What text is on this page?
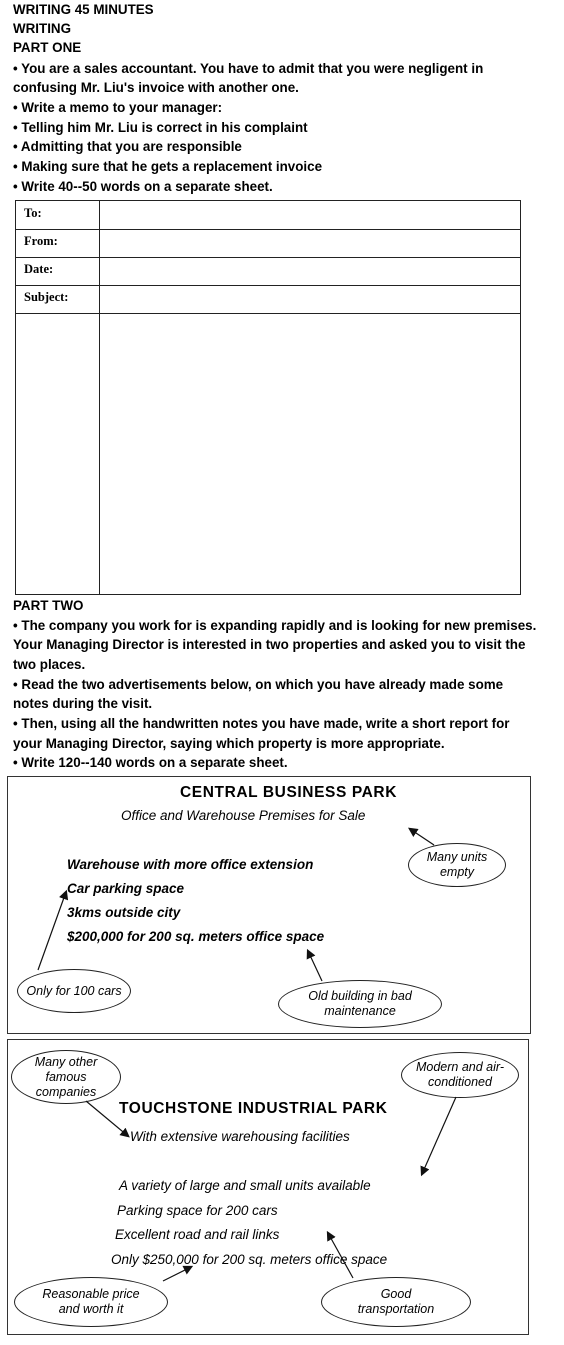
WRITING 45 MINUTES
WRITING
PART ONE
• You are a sales accountant. You have to admit that you were negligent in
confusing Mr. Liu's invoice with another one.
• Write a memo to your manager:
• Telling him Mr. Liu is correct in his complaint
• Admitting that you are responsible
• Making sure that he gets a replacement invoice
• Write 40--50 words on a separate sheet.
To:
From:
Date:
Subject:
PART TWO
• The company you work for is expanding rapidly and is looking for new premises.
Your Managing Director is interested in two properties and asked you to visit the
two places.
• Read the two advertisements below, on which you have already made some
notes during the visit.
• Then, using all the handwritten notes you have made, write a short report for
your Managing Director, saying which property is more appropriate.
• Write 120--140 words on a separate sheet.
CENTRAL BUSINESS PARK
Office and Warehouse Premises for Sale
Warehouse with more office extension
Car parking space
3kms outside city
$200,000 for 200 sq. meters office space
Many units empty
Only for 100 cars	Old building in bad maintenance
TOUCHSTONE INDUSTRIAL PARK
With extensive warehousing facilities
A variety of large and small units available
Parking space for 200 cars
Excellent road and rail links
Only $250,000 for 200 sq. meters office space
Many other famous companies
Modern and air-conditioned
Reasonable price and worth it
Good transportation
